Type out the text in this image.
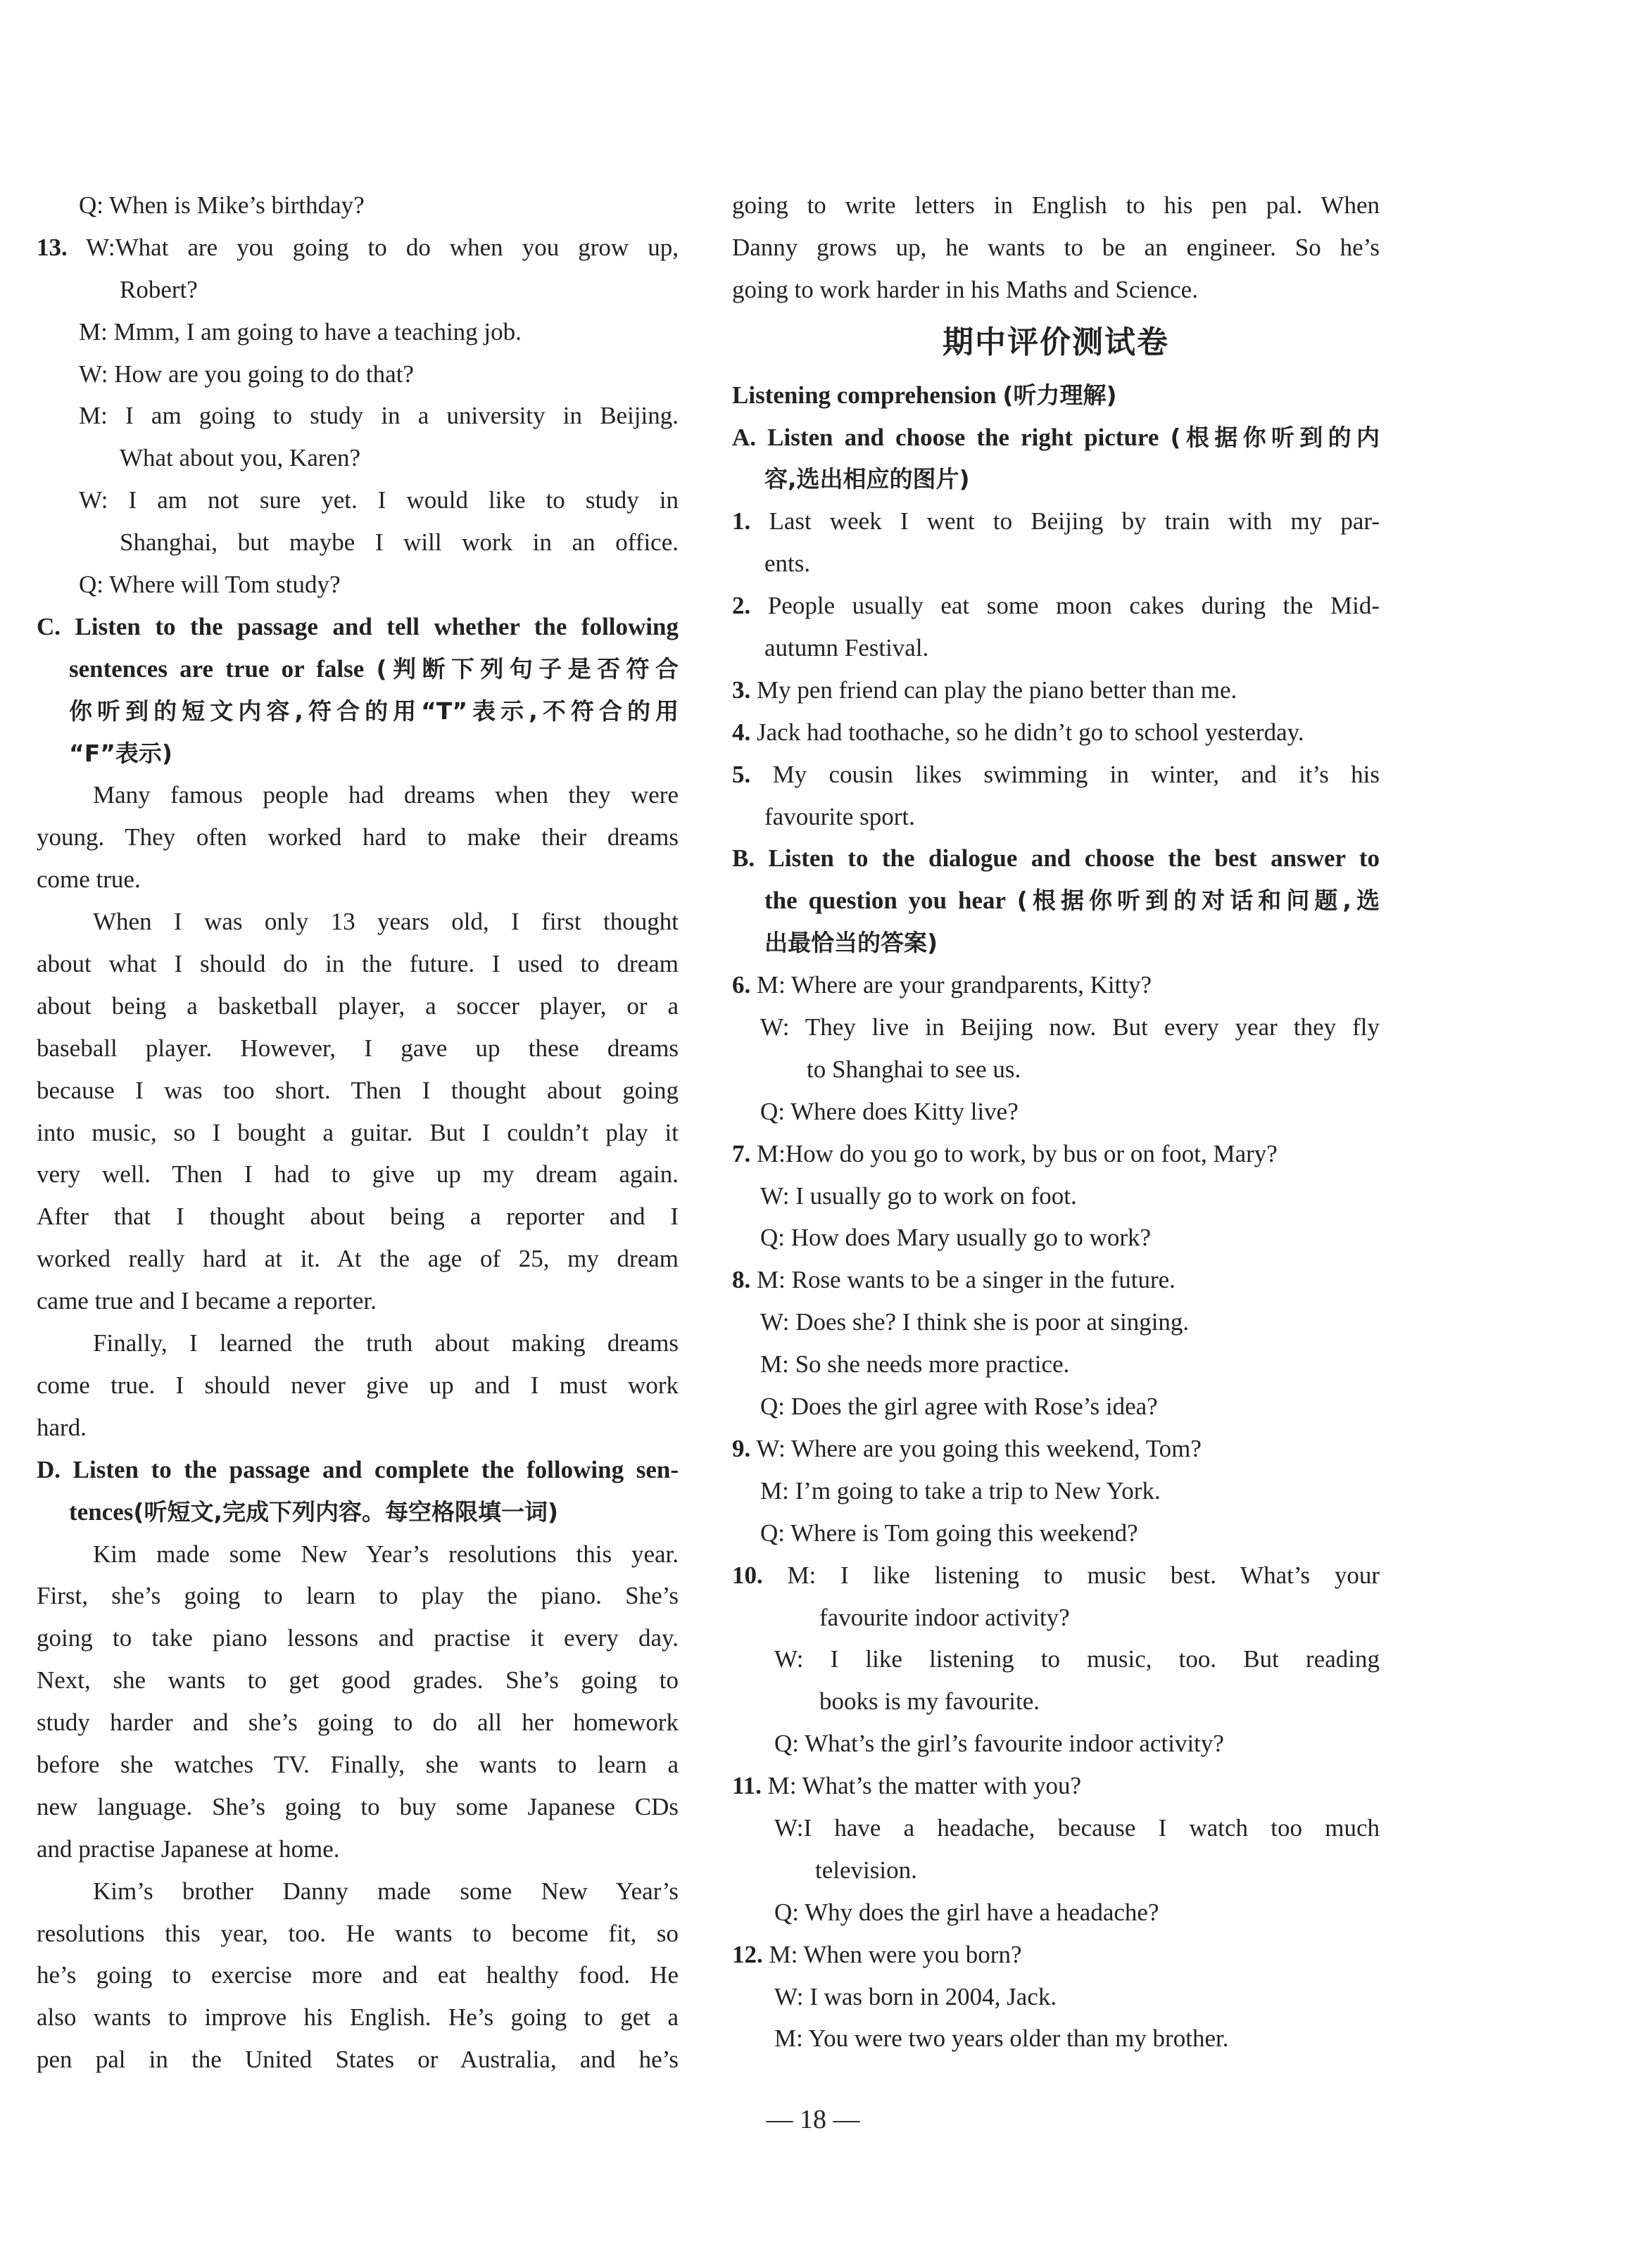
Q: When is Mike’s birthday?
13. W:What are you going to do when you grow up,
Robert?
M: Mmm, I am going to have a teaching job.
W: How are you going to do that?
M: I am going to study in a university in Beijing.
What about you, Karen?
W: I am not sure yet. I would like to study in
Shanghai, but maybe I will work in an office.
Q: Where will Tom study?
C. Listen to the passage and tell whether the following
sentences are true or false (判断下列句子是否符合
你听到的短文内容,符合的用“T”表示,不符合的用
“F”表示)
Many famous people had dreams when they were
young. They often worked hard to make their dreams
come true.
When I was only 13 years old, I first thought
about what I should do in the future. I used to dream
about being a basketball player, a soccer player, or a
baseball player. However, I gave up these dreams
because I was too short. Then I thought about going
into music, so I bought a guitar. But I couldn’t play it
very well. Then I had to give up my dream again.
After that I thought about being a reporter and I
worked really hard at it. At the age of 25, my dream
came true and I became a reporter.
Finally, I learned the truth about making dreams
come true. I should never give up and I must work
hard.
D. Listen to the passage and complete the following sen-
tences(听短文,完成下列内容。每空格限填一词)
Kim made some New Year’s resolutions this year.
First, she’s going to learn to play the piano. She’s
going to take piano lessons and practise it every day.
Next, she wants to get good grades. She’s going to
study harder and she’s going to do all her homework
before she watches TV. Finally, she wants to learn a
new language. She’s going to buy some Japanese CDs
and practise Japanese at home.
Kim’s brother Danny made some New Year’s
resolutions this year, too. He wants to become fit, so
he’s going to exercise more and eat healthy food. He
also wants to improve his English. He’s going to get a
pen pal in the United States or Australia, and he’s
going to write letters in English to his pen pal. When
Danny grows up, he wants to be an engineer. So he’s
going to work harder in his Maths and Science.
期中评价测试卷
Listening comprehension (听力理解)
A. Listen and choose the right picture (根据你听到的内
容,选出相应的图片)
1. Last week I went to Beijing by train with my par-
ents.
2. People usually eat some moon cakes during the Mid-
autumn Festival.
3. My pen friend can play the piano better than me.
4. Jack had toothache, so he didn’t go to school yesterday.
5. My cousin likes swimming in winter, and it’s his
favourite sport.
B. Listen to the dialogue and choose the best answer to
the question you hear (根据你听到的对话和问题,选
出最恰当的答案)
6. M: Where are your grandparents, Kitty?
W: They live in Beijing now. But every year they fly
to Shanghai to see us.
Q: Where does Kitty live?
7. M:How do you go to work, by bus or on foot, Mary?
W: I usually go to work on foot.
Q: How does Mary usually go to work?
8. M: Rose wants to be a singer in the future.
W: Does she? I think she is poor at singing.
M: So she needs more practice.
Q: Does the girl agree with Rose’s idea?
9. W: Where are you going this weekend, Tom?
M: I’m going to take a trip to New York.
Q: Where is Tom going this weekend?
10. M: I like listening to music best. What’s your
favourite indoor activity?
W: I like listening to music, too. But reading
books is my favourite.
Q: What’s the girl’s favourite indoor activity?
11. M: What’s the matter with you?
W:I have a headache, because I watch too much
television.
Q: Why does the girl have a headache?
12. M: When were you born?
W: I was born in 2004, Jack.
M: You were two years older than my brother.
— 18 —
